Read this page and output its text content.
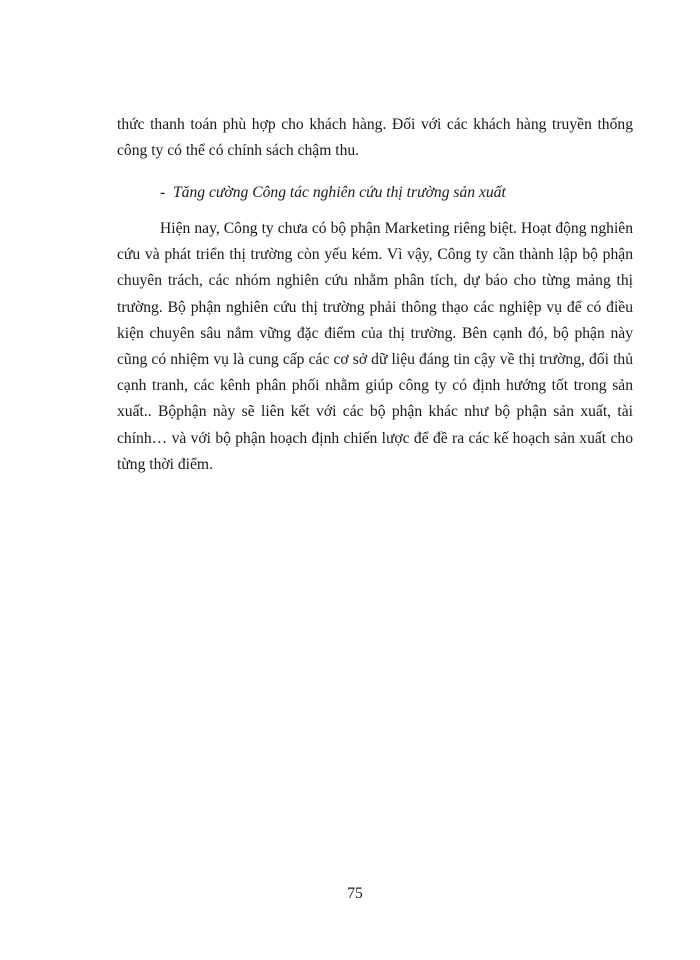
thức thanh toán phù hợp cho khách hàng. Đối với các khách hàng truyền thống công ty có thể có chính sách chậm thu.

- Tăng cường Công tác nghiên cứu thị trường sản xuất

Hiện nay, Công ty chưa có bộ phận Marketing riêng biệt. Hoạt động nghiên cứu và phát triển thị trường còn yếu kém. Vì vậy, Công ty cần thành lập bộ phận chuyên trách, các nhóm nghiên cứu nhằm phân tích, dự báo cho từng mảng thị trường. Bộ phận nghiên cứu thị trường phải thông thạo các nghiệp vụ để có điều kiện chuyên sâu nắm vững đặc điểm của thị trường. Bên cạnh đó, bộ phận này cũng có nhiệm vụ là cung cấp các cơ sở dữ liệu đáng tin cậy về thị trường, đối thủ cạnh tranh, các kênh phân phối nhằm giúp công ty có định hướng tốt trong sản xuất.. Bộphận này sẽ liên kết với các bộ phận khác như bộ phận sản xuất, tài chính… và với bộ phận hoạch định chiến lược để đề ra các kế hoạch sản xuất cho từng thời điểm.

75
